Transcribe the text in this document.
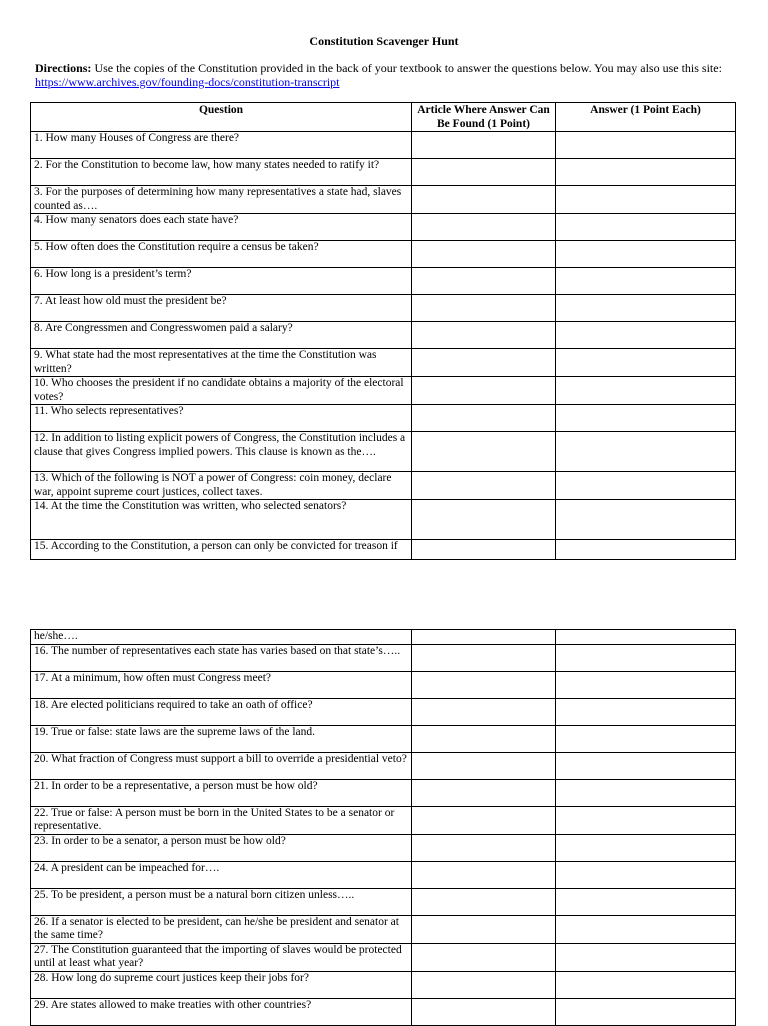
Constitution Scavenger Hunt
Directions: Use the copies of the Constitution provided in the back of your textbook to answer the questions below. You may also use this site:
https://www.archives.gov/founding-docs/constitution-transcript
Question	Article Where Answer Can Be Found (1 Point)	Answer (1 Point Each)
1. How many Houses of Congress are there?		
2. For the Constitution to become law, how many states needed to ratify it?		
3. For the purposes of determining how many representatives a state had, slaves counted as….		
4. How many senators does each state have?		
5. How often does the Constitution require a census be taken?		
6. How long is a president’s term?		
7. At least how old must the president be?		
8. Are Congressmen and Congresswomen paid a salary?		
9. What state had the most representatives at the time the Constitution was written?		
10. Who chooses the president if no candidate obtains a majority of the electoral votes?		
11. Who selects representatives?		
12. In addition to listing explicit powers of Congress, the Constitution includes a clause that gives Congress implied powers. This clause is known as the….		
13. Which of the following is NOT a power of Congress: coin money, declare war, appoint supreme court justices, collect taxes.		
14. At the time the Constitution was written, who selected senators?		
15. According to the Constitution, a person can only be convicted for treason if		
he/she….		
16. The number of representatives each state has varies based on that state’s…..		
17. At a minimum, how often must Congress meet?		
18. Are elected politicians required to take an oath of office?		
19. True or false: state laws are the supreme laws of the land.		
20. What fraction of Congress must support a bill to override a presidential veto?		
21. In order to be a representative, a person must be how old?		
22. True or false: A person must be born in the United States to be a senator or representative.		
23. In order to be a senator, a person must be how old?		
24. A president can be impeached for….		
25. To be president, a person must be a natural born citizen unless…..		
26. If a senator is elected to be president, can he/she be president and senator at the same time?		
27. The Constitution guaranteed that the importing of slaves would be protected until at least what year?		
28. How long do supreme court justices keep their jobs for?		
29. Are states allowed to make treaties with other countries?		
